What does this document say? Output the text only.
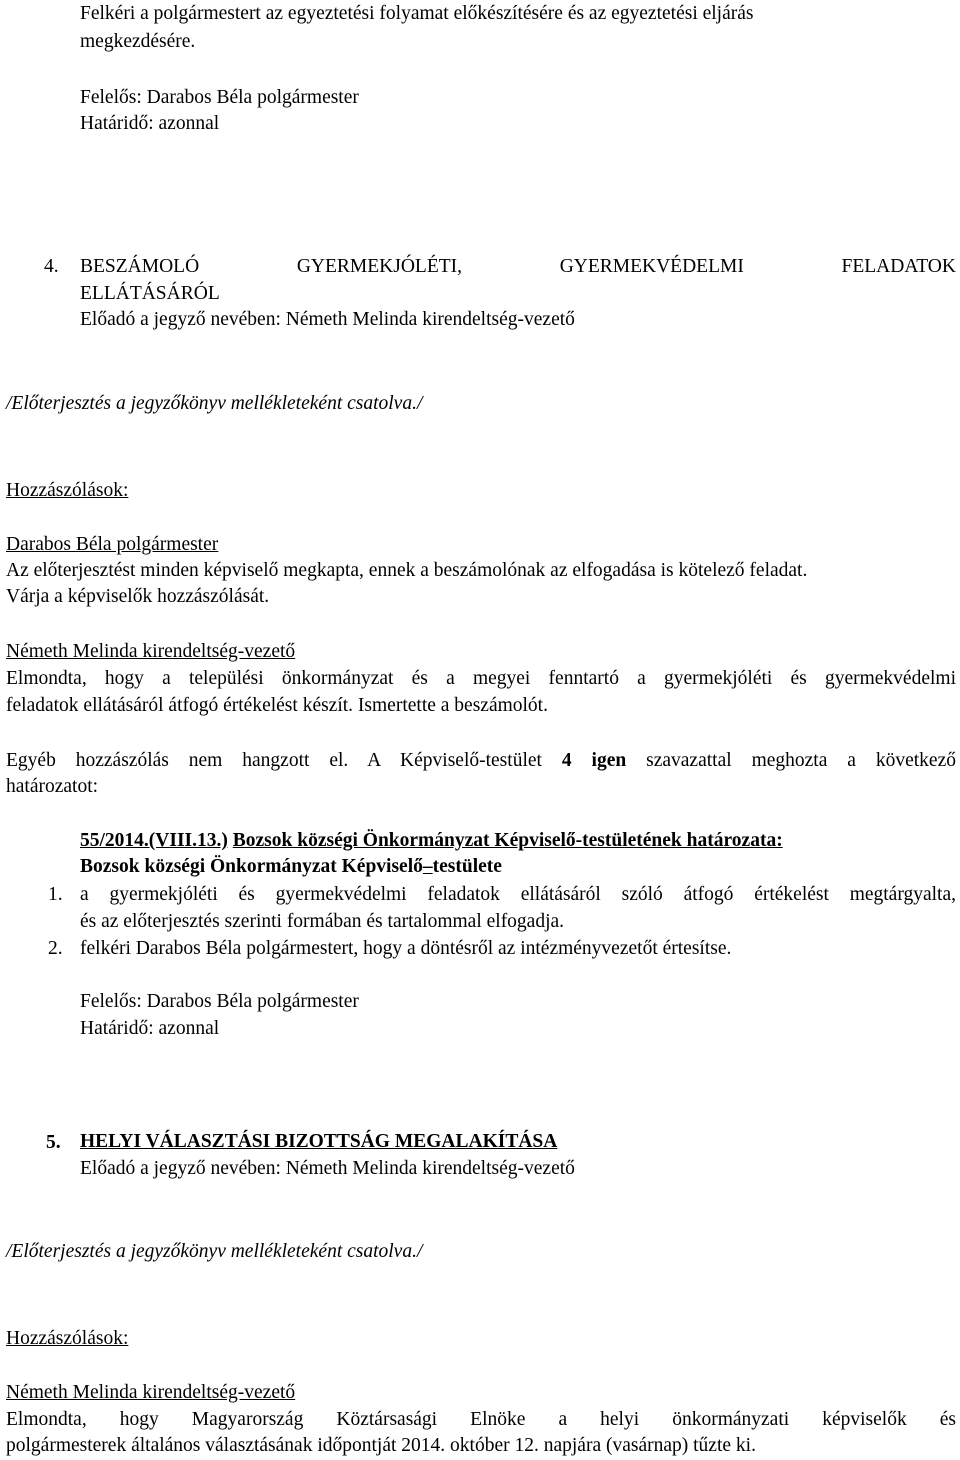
Felkéri a polgármestert az egyeztetési folyamat előkészítésére és az egyeztetési eljárás
megkezdésére.
Felelős: Darabos Béla polgármester
Határidő: azonnal
4. BESZÁMOLÓ	GYERMEKJÓLÉTI,	GYERMEKVÉDELMI	FELADATOK
ELLÁTÁSÁRÓL
Előadó a jegyző nevében: Németh Melinda kirendeltség-vezető
/Előterjesztés a jegyzőkönyv mellékleteként csatolva./
Hozzászólások:
Darabos Béla polgármester
Az előterjesztést minden képviselő megkapta, ennek a beszámolónak az elfogadása is kötelező feladat.
Várja a képviselők hozzászólását.
Németh Melinda kirendeltség-vezető
Elmondta, hogy a települési önkormányzat és a megyei fenntartó a gyermekjóléti és gyermekvédelmi
feladatok ellátásáról átfogó értékelést készít. Ismertette a beszámolót.
Egyéb hozzászólás nem hangzott el. A Képviselő-testület 4 igen szavazattal meghozta a következő
határozatot:
55/2014.(VIII.13.) Bozsok községi Önkormányzat Képviselő-testületének határozata:
Bozsok községi Önkormányzat Képviselő–testülete
1. a gyermekjóléti és gyermekvédelmi feladatok ellátásáról szóló átfogó értékelést megtárgyalta,
és az előterjesztés szerinti formában és tartalommal elfogadja.
2. felkéri Darabos Béla polgármestert, hogy a döntésről az intézményvezetőt értesítse.
Felelős: Darabos Béla polgármester
Határidő: azonnal
5. HELYI VÁLASZTÁSI BIZOTTSÁG MEGALAKÍTÁSA
Előadó a jegyző nevében: Németh Melinda kirendeltség-vezető
/Előterjesztés a jegyzőkönyv mellékleteként csatolva./
Hozzászólások:
Németh Melinda kirendeltség-vezető
Elmondta, hogy Magyarország Köztársasági Elnöke a helyi önkormányzati képviselők és
polgármesterek általános választásának időpontját 2014. október 12. napjára (vasárnap) tűzte ki.
